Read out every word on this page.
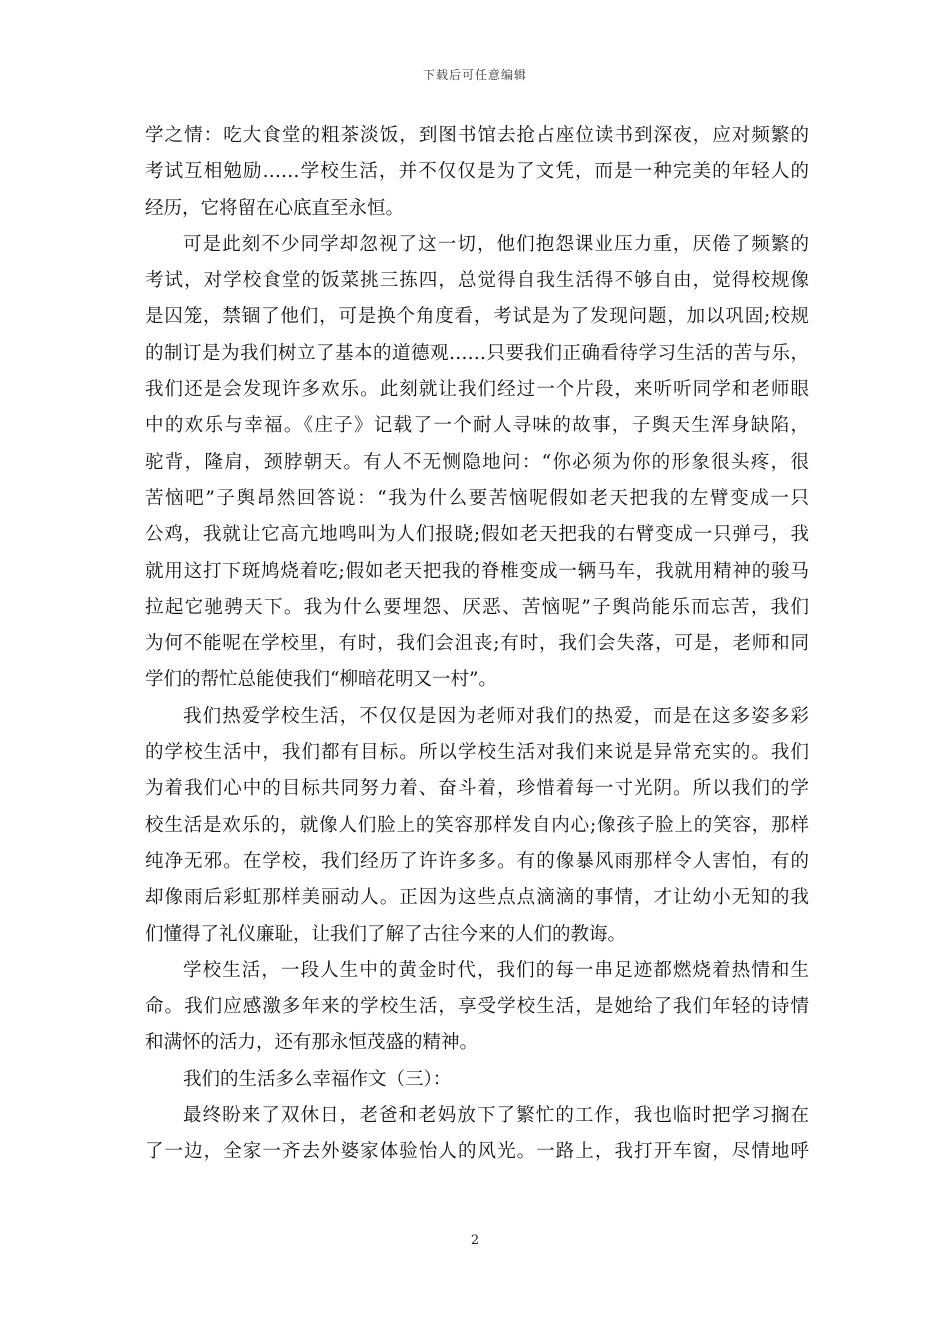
下载后可任意编辑
学之情：吃大食堂的粗茶淡饭，到图书馆去抢占座位读书到深夜，应对频繁的
考试互相勉励……学校生活，并不仅仅是为了文凭，而是一种完美的年轻人的
经历，它将留在心底直至永恒。
可是此刻不少同学却忽视了这一切，他们抱怨课业压力重，厌倦了频繁的
考试，对学校食堂的饭菜挑三拣四，总觉得自我生活得不够自由，觉得校规像
是囚笼，禁锢了他们，可是换个角度看，考试是为了发现问题，加以巩固;校规
的制订是为我们树立了基本的道德观……只要我们正确看待学习生活的苦与乐，
我们还是会发现许多欢乐。此刻就让我们经过一个片段，来听听同学和老师眼
中的欢乐与幸福。《庄子》记载了一个耐人寻味的故事，子舆天生浑身缺陷，
驼背，隆肩，颈脖朝天。有人不无恻隐地问：“你必须为你的形象很头疼，很
苦恼吧”子舆昂然回答说：“我为什么要苦恼呢假如老天把我的左臂变成一只
公鸡，我就让它高亢地鸣叫为人们报晓;假如老天把我的右臂变成一只弹弓，我
就用这打下斑鸠烧着吃;假如老天把我的脊椎变成一辆马车，我就用精神的骏马
拉起它驰骋天下。我为什么要埋怨、厌恶、苦恼呢”子舆尚能乐而忘苦，我们
为何不能呢在学校里，有时，我们会沮丧;有时，我们会失落，可是，老师和同
学们的帮忙总能使我们“柳暗花明又一村”。
我们热爱学校生活，不仅仅是因为老师对我们的热爱，而是在这多姿多彩
的学校生活中，我们都有目标。所以学校生活对我们来说是异常充实的。我们
为着我们心中的目标共同努力着、奋斗着，珍惜着每一寸光阴。所以我们的学
校生活是欢乐的，就像人们脸上的笑容那样发自内心;像孩子脸上的笑容，那样
纯净无邪。在学校，我们经历了许许多多。有的像暴风雨那样令人害怕，有的
却像雨后彩虹那样美丽动人。正因为这些点点滴滴的事情，才让幼小无知的我
们懂得了礼仪廉耻，让我们了解了古往今来的人们的教诲。
学校生活，一段人生中的黄金时代，我们的每一串足迹都燃烧着热情和生
命。我们应感激多年来的学校生活，享受学校生活，是她给了我们年轻的诗情
和满怀的活力，还有那永恒茂盛的精神。
我们的生活多么幸福作文（三）：
最终盼来了双休日，老爸和老妈放下了繁忙的工作，我也临时把学习搁在
了一边，全家一齐去外婆家体验怡人的风光。一路上，我打开车窗，尽情地呼
2
